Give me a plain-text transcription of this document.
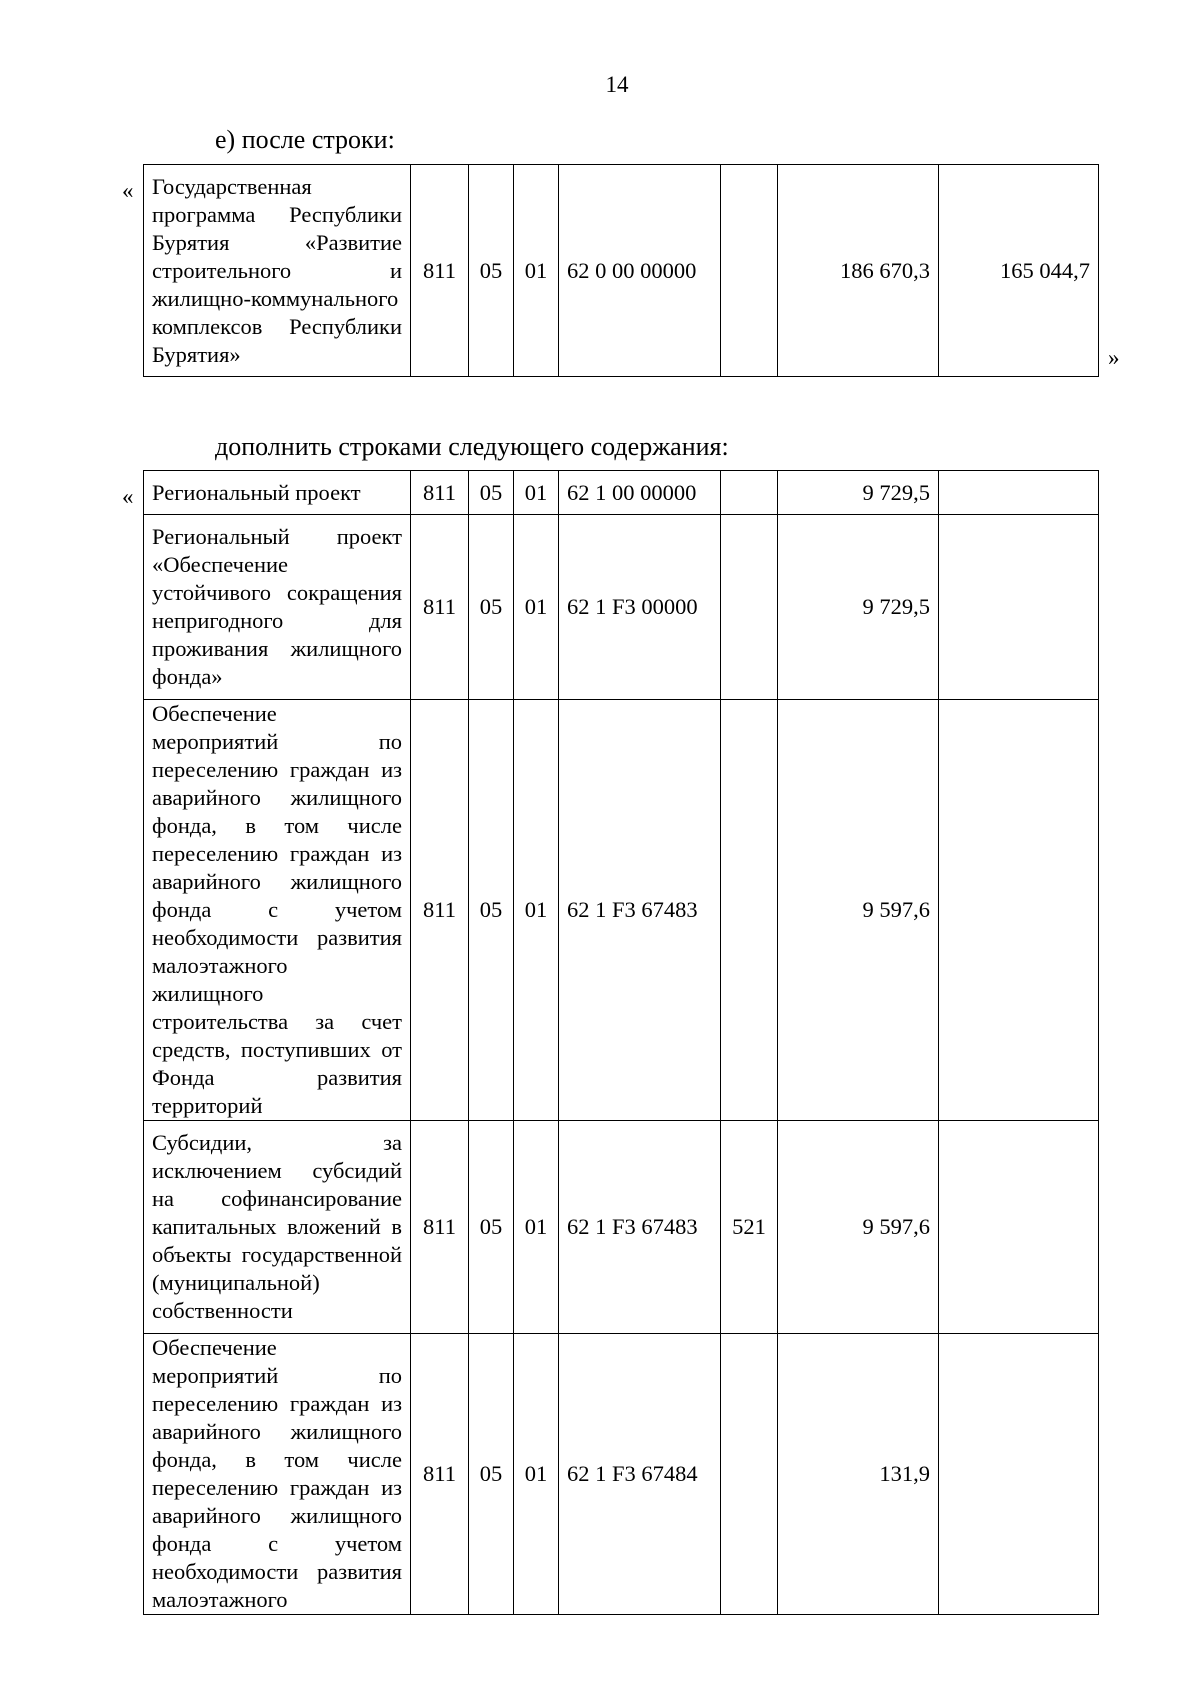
14
е) после строки:
«
»
Государственная программа Республики Бурятия «Развитие строительного и жилищно-коммунального комплексов Республики Бурятия»	811	05	01	62 0 00 00000		186 670,3	165 044,7
дополнить строками следующего содержания:
« Региональный проект	811	05	01	62 1 00 00000		9 729,5	
Региональный проект «Обеспечение устойчивого сокращения непригодного для проживания жилищного фонда»	811	05	01	62 1 F3 00000		9 729,5	
Обеспечение мероприятий по переселению граждан из аварийного жилищного фонда, в том числе переселению граждан из аварийного жилищного фонда с учетом необходимости развития малоэтажного жилищного строительства за счет средств, поступивших от Фонда развития территорий	811	05	01	62 1 F3 67483		9 597,6	
Субсидии, за исключением субсидий на софинансирование капитальных вложений в объекты государственной (муниципальной) собственности	811	05	01	62 1 F3 67483	521	9 597,6	
Обеспечение мероприятий по переселению граждан из аварийного жилищного фонда, в том числе переселению граждан из аварийного жилищного фонда с учетом необходимости развития малоэтажного	811	05	01	62 1 F3 67484		131,9	
